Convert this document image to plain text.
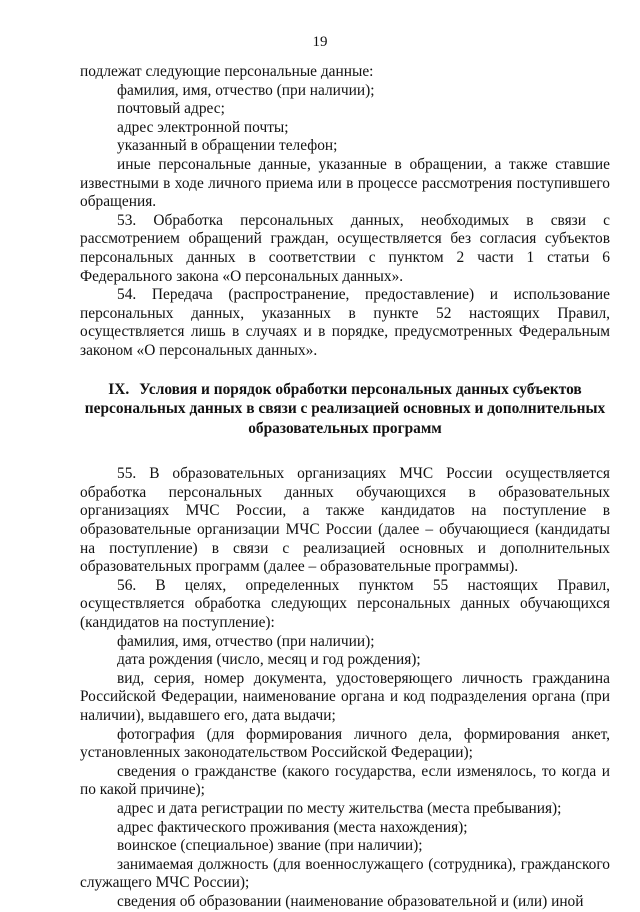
19

подлежат следующие персональные данные:

фамилия, имя, отчество (при наличии);

почтовый адрес;

адрес электронной почты;

указанный в обращении телефон;

иные персональные данные, указанные в обращении, а также ставшие известными в ходе личного приема или в процессе рассмотрения поступившего обращения.

53. Обработка персональных данных, необходимых в связи с рассмотрением обращений граждан, осуществляется без согласия субъектов персональных данных в соответствии с пунктом 2 части 1 статьи 6 Федерального закона «О персональных данных».

54. Передача (распространение, предоставление) и использование персональных данных, указанных в пункте 52 настоящих Правил, осуществляется лишь в случаях и в порядке, предусмотренных Федеральным законом «О персональных данных».

IX. Условия и порядок обработки персональных данных субъектов персональных данных в связи с реализацией основных и дополнительных образовательных программ

55. В образовательных организациях МЧС России осуществляется обработка персональных данных обучающихся в образовательных организациях МЧС России, а также кандидатов на поступление в образовательные организации МЧС России (далее – обучающиеся (кандидаты на поступление) в связи с реализацией основных и дополнительных образовательных программ (далее – образовательные программы).

56. В целях, определенных пунктом 55 настоящих Правил, осуществляется обработка следующих персональных данных обучающихся (кандидатов на поступление):

фамилия, имя, отчество (при наличии);

дата рождения (число, месяц и год рождения);

вид, серия, номер документа, удостоверяющего личность гражданина Российской Федерации, наименование органа и код подразделения органа (при наличии), выдавшего его, дата выдачи;

фотография (для формирования личного дела, формирования анкет, установленных законодательством Российской Федерации);

сведения о гражданстве (какого государства, если изменялось, то когда и по какой причине);

адрес и дата регистрации по месту жительства (места пребывания);

адрес фактического проживания (места нахождения);

воинское (специальное) звание (при наличии);

занимаемая должность (для военнослужащего (сотрудника), гражданского служащего МЧС России);

сведения об образовании (наименование образовательной и (или) иной
